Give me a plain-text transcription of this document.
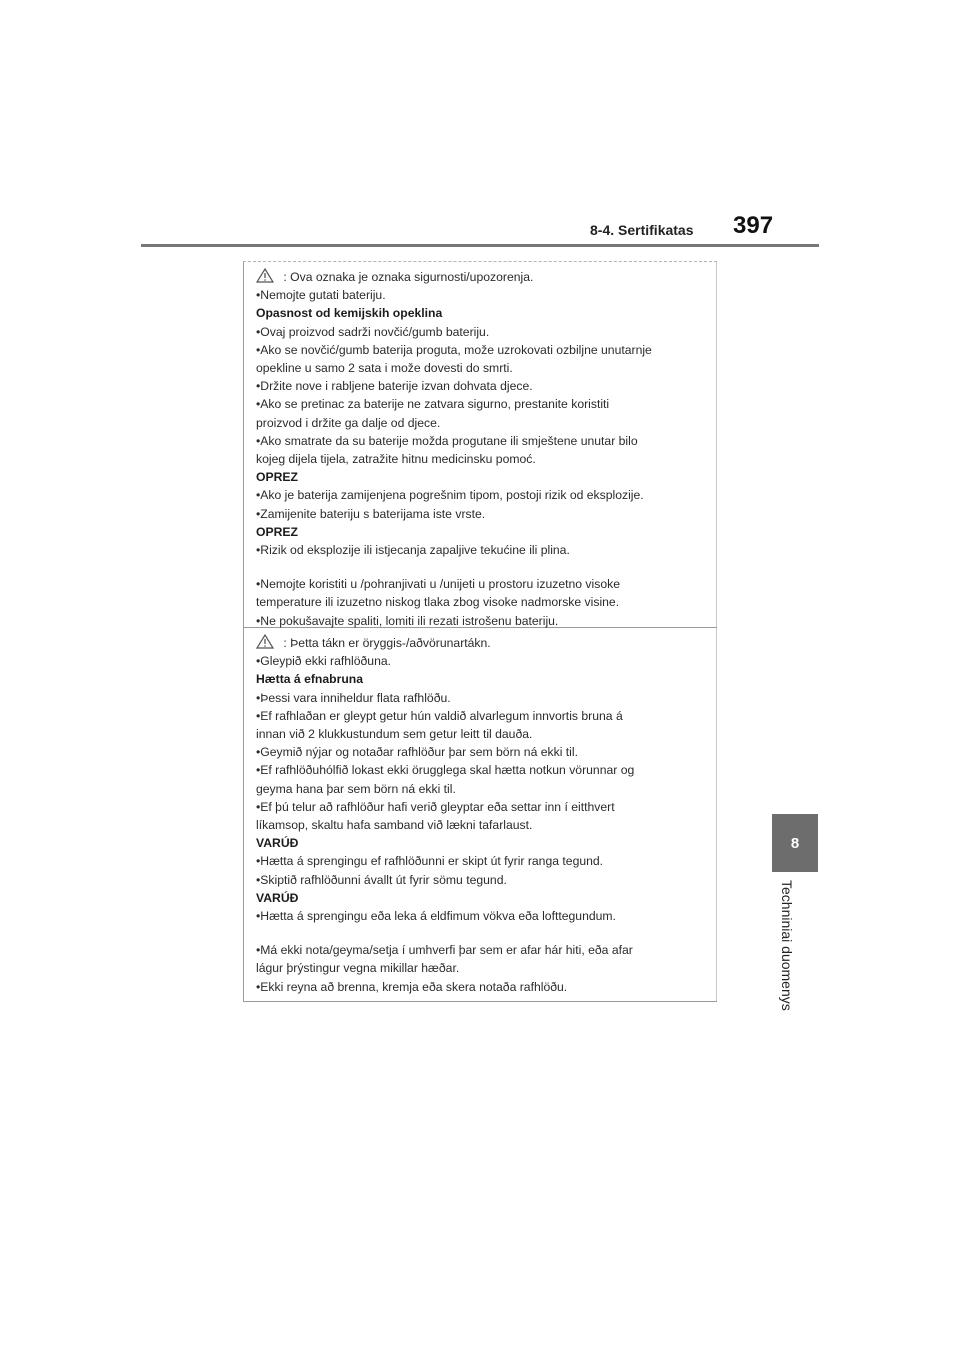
8-4. Sertifikatas 397
8
Techniniai duomenys
: Ova oznaka je oznaka sigurnosti/upozorenja.
•Nemojte gutati bateriju.
Opasnost od kemijskih opeklina
•Ovaj proizvod sadrži novčić/gumb bateriju.
•Ako se novčić/gumb baterija proguta, može uzrokovati ozbiljne unutarnje
opekline u samo 2 sata i može dovesti do smrti.
•Držite nove i rabljene baterije izvan dohvata djece.
•Ako se pretinac za baterije ne zatvara sigurno, prestanite koristiti
proizvod i držite ga dalje od djece.
•Ako smatrate da su baterije možda progutane ili smještene unutar bilo
kojeg dijela tijela, zatražite hitnu medicinsku pomoć.
OPREZ
•Ako je baterija zamijenjena pogrešnim tipom, postoji rizik od eksplozije.
•Zamijenite bateriju s baterijama iste vrste.
OPREZ
•Rizik od eksplozije ili istjecanja zapaljive tekućine ili plina.
•Nemojte koristiti u /pohranjivati u /unijeti u prostoru izuzetno visoke
temperature ili izuzetno niskog tlaka zbog visoke nadmorske visine.
•Ne pokušavajte spaliti, lomiti ili rezati istrošenu bateriju.
: Þetta tákn er öryggis-/aðvörunartákn.
•Gleypið ekki rafhlöðuna.
Hætta á efnabruna
•Þessi vara inniheldur flata rafhlöðu.
•Ef rafhlaðan er gleypt getur hún valdið alvarlegum innvortis bruna á
innan við 2 klukkustundum sem getur leitt til dauða.
•Geymið nýjar og notaðar rafhlöður þar sem börn ná ekki til.
•Ef rafhlöðuhólfið lokast ekki örugglega skal hætta notkun vörunnar og
geyma hana þar sem börn ná ekki til.
•Ef þú telur að rafhlöður hafi verið gleyptar eða settar inn í eitthvert
líkamsop, skaltu hafa samband við lækni tafarlaust.
VARÚÐ
•Hætta á sprengingu ef rafhlöðunni er skipt út fyrir ranga tegund.
•Skiptið rafhlöðunni ávallt út fyrir sömu tegund.
VARÚÐ
•Hætta á sprengingu eða leka á eldfimum vökva eða lofttegundum.
•Má ekki nota/geyma/setja í umhverfi þar sem er afar hár hiti, eða afar
lágur þrýstingur vegna mikillar hæðar.
•Ekki reyna að brenna, kremja eða skera notaða rafhlöðu.
